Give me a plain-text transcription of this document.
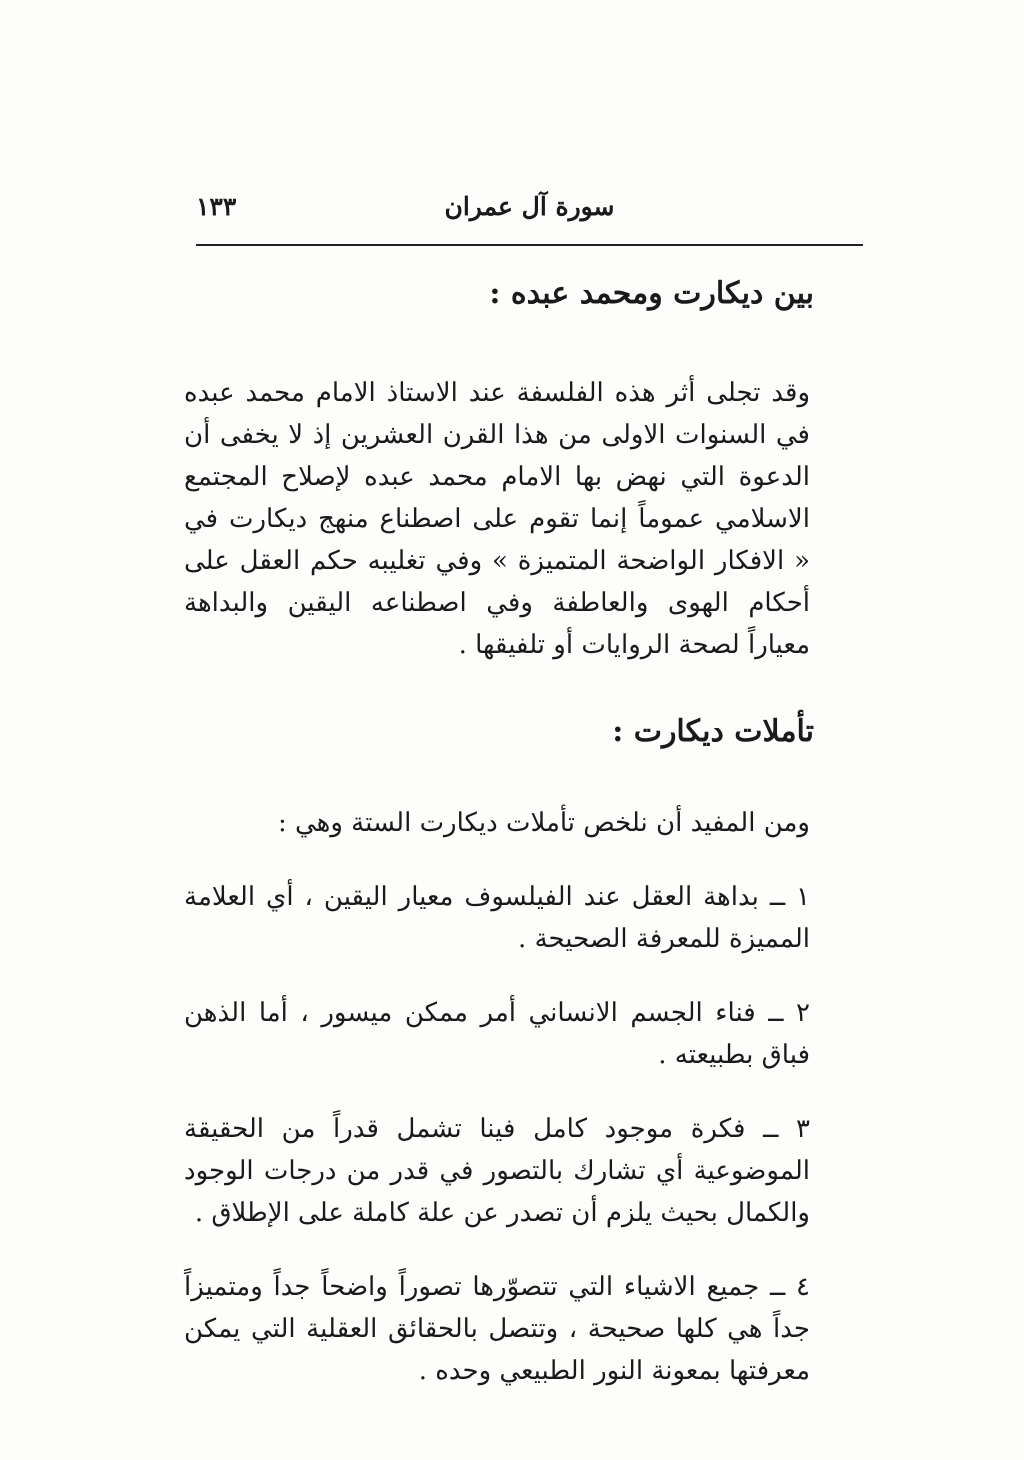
سورة آل عمران
١٣٣
بين ديكارت ومحمد عبده :

وقد تجلى أثر هذه الفلسفة عند الاستاذ الامام محمد عبده في السنوات الاولى من هذا القرن العشرين إذ لا يخفى أن الدعوة التي نهض بها الامام محمد عبده لإصلاح المجتمع الاسلامي عموماً إنما تقوم على اصطناع منهج ديكارت في « الافكار الواضحة المتميزة » وفي تغليبه حكم العقل على أحكام الهوى والعاطفة وفي اصطناعه اليقين والبداهة معياراً لصحة الروايات أو تلفيقها .

تأملات ديكارت :

ومن المفيد أن نلخص تأملات ديكارت الستة وهي :

١ ــ بداهة العقل عند الفيلسوف معيار اليقين ، أي العلامة المميزة للمعرفة الصحيحة .

٢ ــ فناء الجسم الانساني أمر ممكن ميسور ، أما الذهن فباق بطبيعته .

٣ ــ فكرة موجود كامل فينا تشمل قدراً من الحقيقة الموضوعية أي تشارك بالتصور في قدر من درجات الوجود والكمال بحيث يلزم أن تصدر عن علة كاملة على الإطلاق .

٤ ــ جميع الاشياء التي تتصوّرها تصوراً واضحاً جداً ومتميزاً جداً هي كلها صحيحة ، وتتصل بالحقائق العقلية التي يمكن معرفتها بمعونة النور الطبيعي وحده .
